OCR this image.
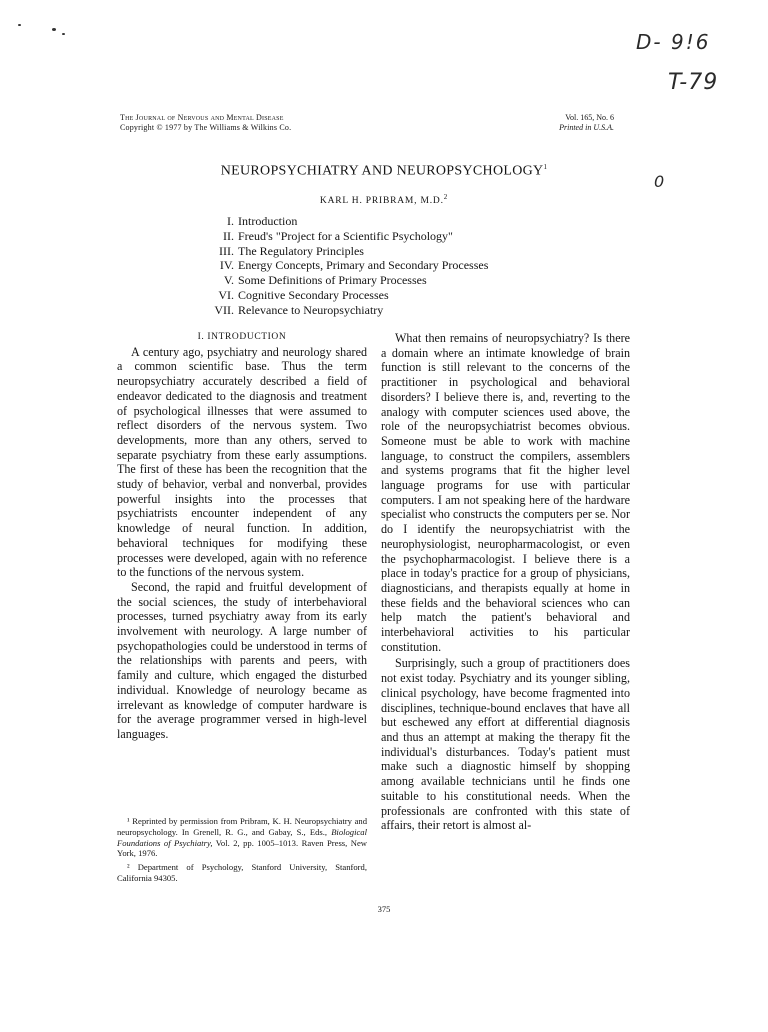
D- 9!6
T-79
0
The Journal of Nervous and Mental Disease
Copyright © 1977 by The Williams & Wilkins Co.
Vol. 165, No. 6
Printed in U.S.A.
NEUROPSYCHIATRY AND NEUROPSYCHOLOGY$^1$
KARL H. PRIBRAM, M.D.$^2$
I. Introduction
II. Freud's "Project for a Scientific Psychology"
III. The Regulatory Principles
IV. Energy Concepts, Primary and Secondary Processes
V. Some Definitions of Primary Processes
VI. Cognitive Secondary Processes
VII. Relevance to Neuropsychiatry

I. INTRODUCTION

A century ago, psychiatry and neurology shared a common scientific base. Thus the term neuropsychiatry accurately described a field of endeavor dedicated to the diagnosis and treatment of psychological illnesses that were assumed to reflect disorders of the nervous system. Two developments, more than any others, served to separate psychiatry from these early assumptions. The first of these has been the recognition that the study of behavior, verbal and nonverbal, provides powerful insights into the processes that psychiatrists encounter independent of any knowledge of neural function. In addition, behavioral techniques for modifying these processes were developed, again with no reference to the functions of the nervous system.

Second, the rapid and fruitful development of the social sciences, the study of interbehavioral processes, turned psychiatry away from its early involvement with neurology. A large number of psychopathologies could be understood in terms of the relationships with parents and peers, with family and culture, which engaged the disturbed individual. Knowledge of neurology became as irrelevant as knowledge of computer hardware is for the average programmer versed in high-level languages.

¹ Reprinted by permission from Pribram, K. H. Neuropsychiatry and neuropsychology. In Grenell, R. G., and Gabay, S., Eds., Biological Foundations of Psychiatry, Vol. 2, pp. 1005–1013. Raven Press, New York, 1976.

² Department of Psychology, Stanford University, Stanford, California 94305.

What then remains of neuropsychiatry? Is there a domain where an intimate knowledge of brain function is still relevant to the concerns of the practitioner in psychological and behavioral disorders? I believe there is, and, reverting to the analogy with computer sciences used above, the role of the neuropsychiatrist becomes obvious. Someone must be able to work with machine language, to construct the compilers, assemblers and systems programs that fit the higher level language programs for use with particular computers. I am not speaking here of the hardware specialist who constructs the computers per se. Nor do I identify the neuropsychiatrist with the neurophysiologist, neuropharmacologist, or even the psychopharmacologist. I believe there is a place in today's practice for a group of physicians, diagnosticians, and therapists equally at home in these fields and the behavioral sciences who can help match the patient's behavioral and interbehavioral activities to his particular constitution.

Surprisingly, such a group of practitioners does not exist today. Psychiatry and its younger sibling, clinical psychology, have become fragmented into disciplines, technique-bound enclaves that have all but eschewed any effort at differential diagnosis and thus an attempt at making the therapy fit the individual's disturbances. Today's patient must make such a diagnostic himself by shopping among available technicians until he finds one suitable to his constitutional needs. When the professionals are confronted with this state of affairs, their retort is almost al-

375
